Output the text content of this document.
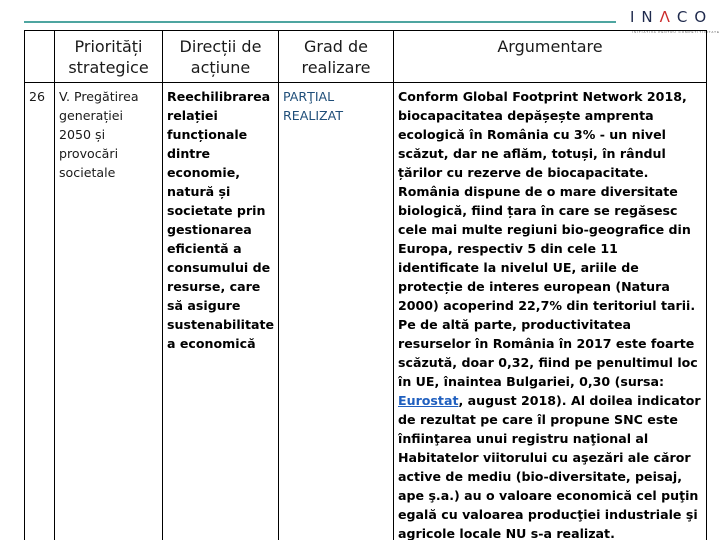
INΛCO
INITIATIVA PENTRU COMPETITIVITATE
	Priorități strategice	Direcții de acțiune	Grad de realizare	Argumentare
26	V. Pregătirea generației 2050 și provocări societale	Reechilibrarea relației funcționale dintre economie, natură și societate prin gestionarea eficientă a consumului de resurse, care să asigure sustenabilitate a economică	PARŢIAL REALIZAT	Conform Global Footprint Network 2018, biocapacitatea depășește amprenta ecologică în România cu 3% - un nivel scăzut, dar ne aflăm, totuși, în rândul țărilor cu rezerve de biocapacitate. România dispune de o mare diversitate biologică, fiind țara în care se regăsesc cele mai multe regiuni bio-geografice din Europa, respectiv 5 din cele 11 identificate la nivelul UE, ariile de protecție de interes european (Natura 2000) acoperind 22,7% din teritoriul tarii. Pe de altă parte, productivitatea resurselor în România în 2017 este foarte scăzută, doar 0,32, fiind pe penultimul loc în UE, înaintea Bulgariei, 0,30 (sursa: Eurostat, august 2018). Al doilea indicator de rezultat pe care îl propune SNC este înfiinţarea unui registru naţional al Habitatelor viitorului cu aşezări ale căror active de mediu (bio-diversitate, peisaj, ape ş.a.) au o valoare economică cel puţin egală cu valoarea producţiei industriale şi agricole locale NU s-a realizat.
